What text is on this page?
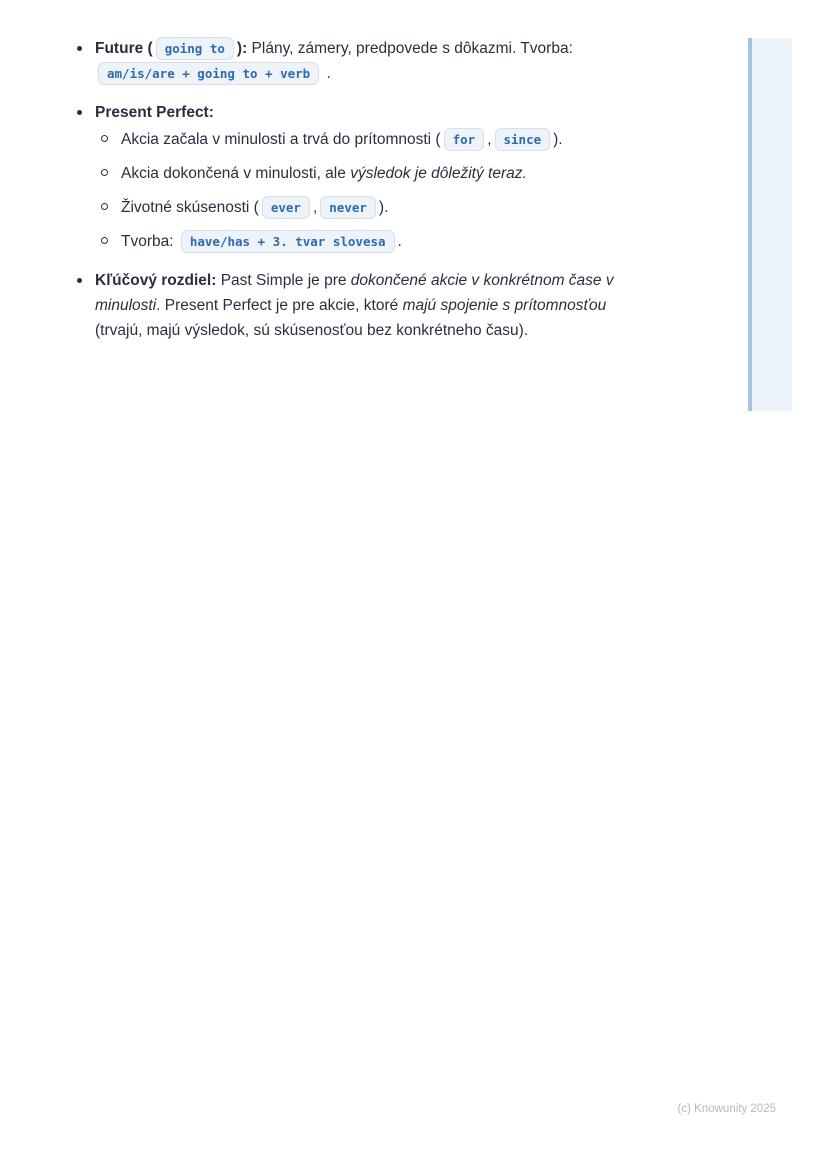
Future ( going to ): Plány, zámery, predpovede s dôkazmi. Tvorba: am/is/are + going to + verb .
Present Perfect:
Akcia začala v minulosti a trvá do prítomnosti ( for , since ).
Akcia dokončená v minulosti, ale výsledok je dôležitý teraz.
Životné skúsenosti ( ever , never ).
Tvorba: have/has + 3. tvar slovesa .
Kľúčový rozdiel: Past Simple je pre dokončené akcie v konkrétnom čase v minulosti. Present Perfect je pre akcie, ktoré majú spojenie s prítomnosťou (trvajú, majú výsledok, sú skúsenosťou bez konkrétneho času).
(c) Knowunity 2025
